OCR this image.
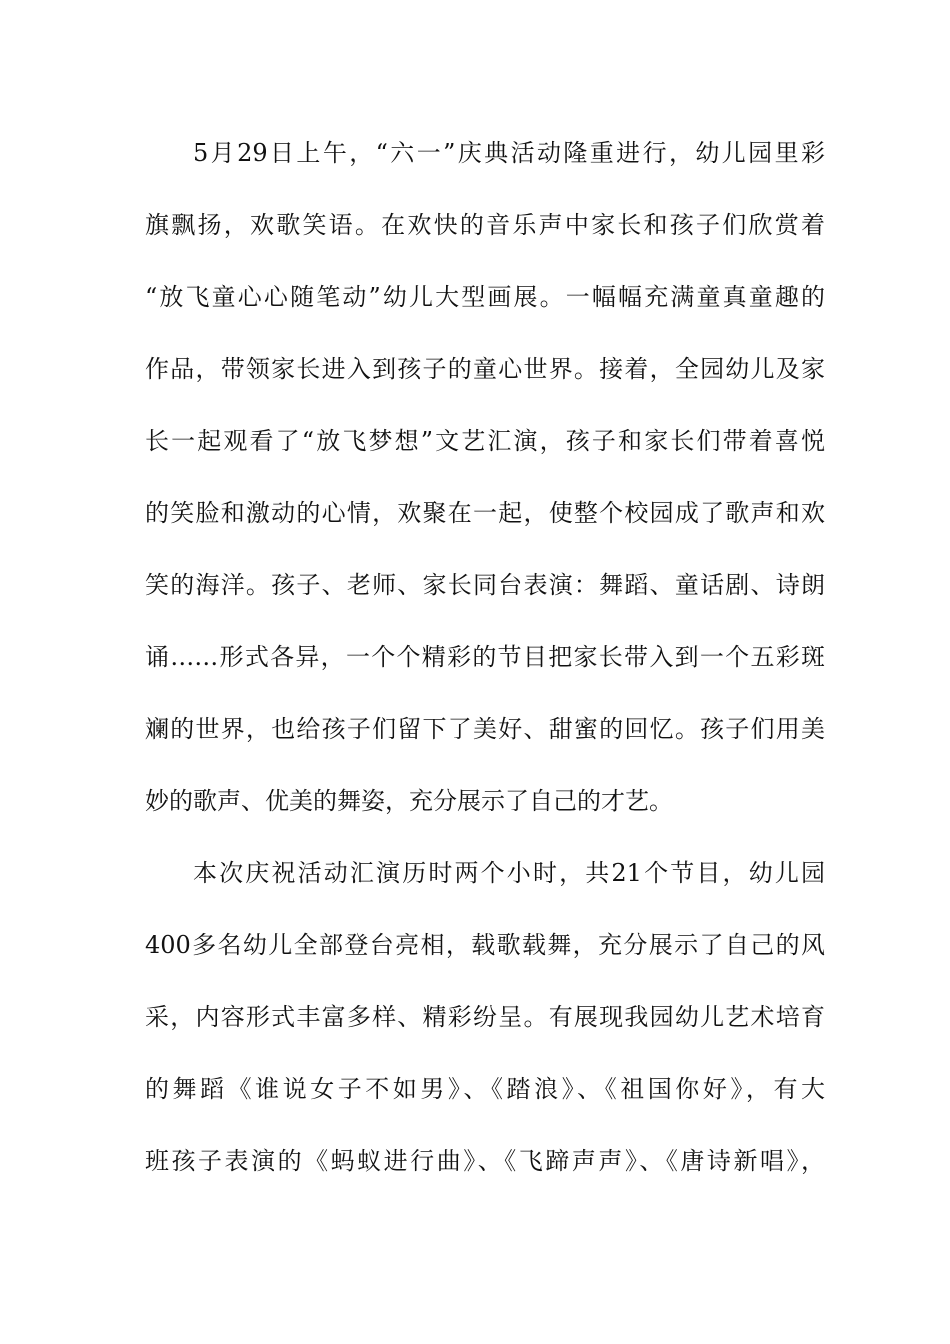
5月29日上午，“六一”庆典活动隆重进行，幼儿园里彩
旗飘扬，欢歌笑语。在欢快的音乐声中家长和孩子们欣赏着
“放飞童心心随笔动”幼儿大型画展。一幅幅充满童真童趣的
作品，带领家长进入到孩子的童心世界。接着，全园幼儿及家
长一起观看了“放飞梦想”文艺汇演，孩子和家长们带着喜悦
的笑脸和激动的心情，欢聚在一起，使整个校园成了歌声和欢
笑的海洋。孩子、老师、家长同台表演：舞蹈、童话剧、诗朗
诵……形式各异，一个个精彩的节目把家长带入到一个五彩斑
斓的世界，也给孩子们留下了美好、甜蜜的回忆。孩子们用美
妙的歌声、优美的舞姿，充分展示了自己的才艺。
本次庆祝活动汇演历时两个小时，共21个节目，幼儿园
400多名幼儿全部登台亮相，载歌载舞，充分展示了自己的风
采，内容形式丰富多样、精彩纷呈。有展现我园幼儿艺术培育
的舞蹈《谁说女子不如男》、《踏浪》、《祖国你好》，有大
班孩子表演的《蚂蚁进行曲》、《飞蹄声声》、《唐诗新唱》，
